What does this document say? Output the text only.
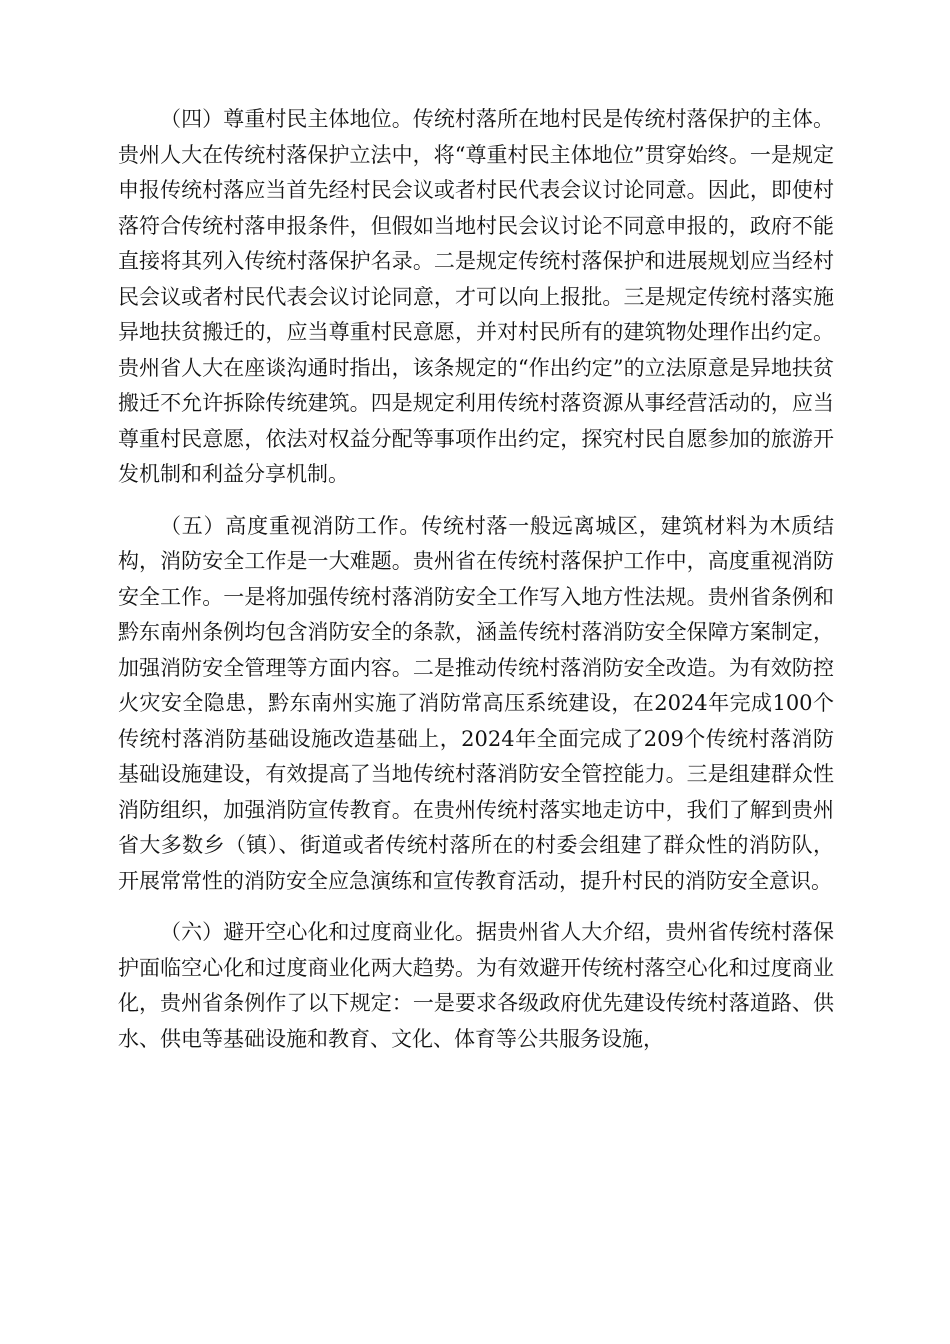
（四）尊重村民主体地位。传统村落所在地村民是传统村落保护的主体。贵州人大在传统村落保护立法中，将“尊重村民主体地位”贯穿始终。一是规定申报传统村落应当首先经村民会议或者村民代表会议讨论同意。因此，即使村落符合传统村落申报条件，但假如当地村民会议讨论不同意申报的，政府不能直接将其列入传统村落保护名录。二是规定传统村落保护和进展规划应当经村民会议或者村民代表会议讨论同意，才可以向上报批。三是规定传统村落实施异地扶贫搬迁的，应当尊重村民意愿，并对村民所有的建筑物处理作出约定。贵州省人大在座谈沟通时指出，该条规定的“作出约定”的立法原意是异地扶贫搬迁不允许拆除传统建筑。四是规定利用传统村落资源从事经营活动的，应当尊重村民意愿，依法对权益分配等事项作出约定，探究村民自愿参加的旅游开发机制和利益分享机制。

（五）高度重视消防工作。传统村落一般远离城区，建筑材料为木质结构，消防安全工作是一大难题。贵州省在传统村落保护工作中，高度重视消防安全工作。一是将加强传统村落消防安全工作写入地方性法规。贵州省条例和黔东南州条例均包含消防安全的条款，涵盖传统村落消防安全保障方案制定，加强消防安全管理等方面内容。二是推动传统村落消防安全改造。为有效防控火灾安全隐患，黔东南州实施了消防常高压系统建设，在2024年完成100个传统村落消防基础设施改造基础上，2024年全面完成了209个传统村落消防基础设施建设，有效提高了当地传统村落消防安全管控能力。三是组建群众性消防组织，加强消防宣传教育。在贵州传统村落实地走访中，我们了解到贵州省大多数乡（镇）、街道或者传统村落所在的村委会组建了群众性的消防队，开展常常性的消防安全应急演练和宣传教育活动，提升村民的消防安全意识。

（六）避开空心化和过度商业化。据贵州省人大介绍，贵州省传统村落保护面临空心化和过度商业化两大趋势。为有效避开传统村落空心化和过度商业化，贵州省条例作了以下规定：一是要求各级政府优先建设传统村落道路、供水、供电等基础设施和教育、文化、体育等公共服务设施，
